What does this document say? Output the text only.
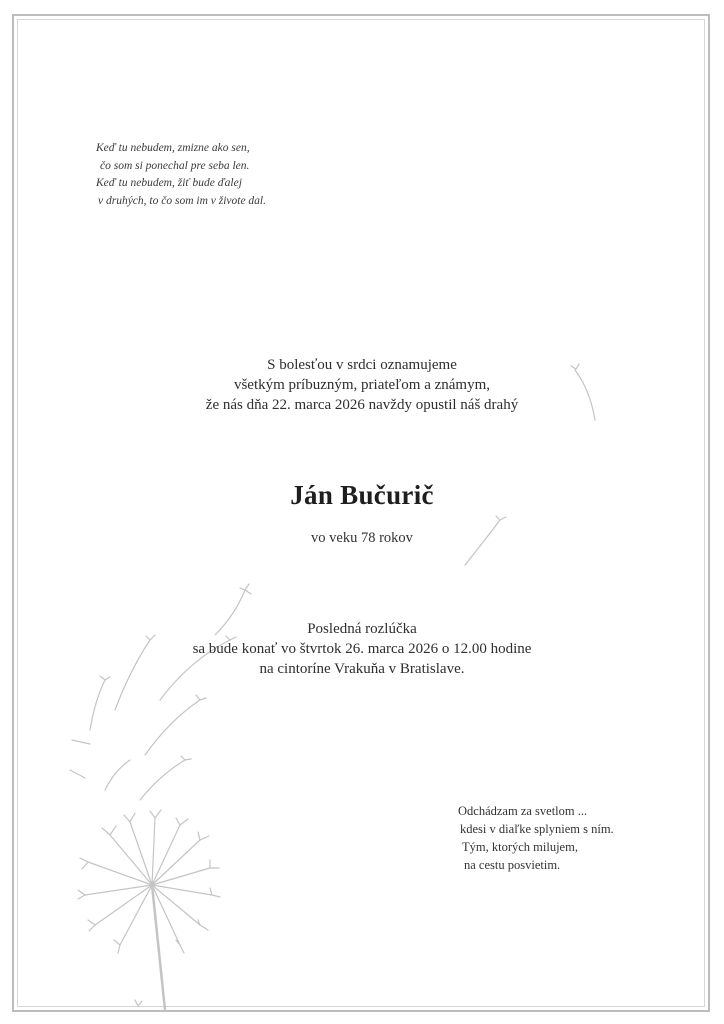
Keď tu nebudem, zmizne ako sen,
čo som si ponechal pre seba len.
Keď tu nebudem, žiť bude ďalej
v druhých, to čo som im v živote dal.
S bolesťou v srdci oznamujeme
všetkým príbuzným, priateľom a známym,
že nás dňa 22. marca 2026 navždy opustil náš drahý
Ján Bučurič
vo veku 78 rokov
Posledná rozlúčka
sa bude konať vo štvrtok 26. marca 2026 o 12.00 hodine
na cintoríne Vrakuňa v Bratislave.
Odchádzam za svetlom ...
kdesi v diaľke splyniem s ním.
Tým, ktorých milujem,
na cestu posvietim.
